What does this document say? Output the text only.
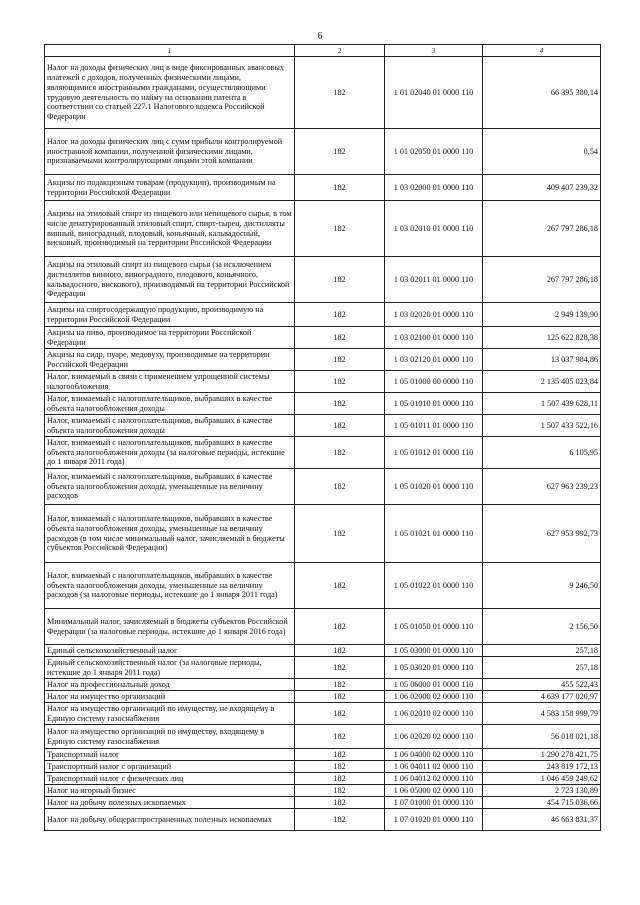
6
1	2	3	4
Налог на доходы физических лиц в виде фиксированных авансовых платежей с доходов, полученных физическими лицами, являющимися иностранными гражданами, осуществляющими трудовую деятельность по найму на основании патента в соответствии со статьей 227.1 Налогового кодекса Российской Федерации	182	1 01 02040 01 0000 110	66 395 380,14
Налог на доходы физических лиц с сумм прибыли контролируемой иностранной компании, полученной физическими лицами, признаваемыми контролирующими лицами этой компании	182	1 01 02050 01 0000 110	0,54
Акцизы по подакцизным товарам (продукции), производимым на территории Российской Федерации	182	1 03 02000 01 0000 110	409 407 239,32
Акцизы на этиловый спирт из пищевого или непищевого сырья, в том числе денатурированный этиловый спирт, спирт-сырец, дистилляты винный, виноградный, плодовый, коньячный, кальвадосный, висковый, производимый на территории Российской Федерации	182	1 03 02010 01 0000 110	267 797 286,18
Акцизы на этиловый спирт из пищевого сырья (за исключением дистиллятов винного, виноградного, плодового, коньячного, кальвадосного, вискового), производимый на территории Российской Федерации	182	1 03 02011 01 0000 110	267 797 286,18
Акцизы на спиртосодержащую продукцию, производимую на территории Российской Федерации	182	1 03 02020 01 0000 110	2 949 139,90
Акцизы на пиво, производимое на территории Российской Федерации	182	1 03 02100 01 0000 110	125 622 828,38
Акцизы на сидр, пуаре, медовуху, производимые на территории Российской Федерации	182	1 03 02120 01 0000 110	13 037 984,86
Налог, взимаемый в связи с применением упрощенной системы налогообложения	182	1 05 01000 00 0000 110	2 135 405 023,84
Налог, взимаемый с налогоплательщиков, выбравших в качестве объекта налогообложения доходы	182	1 05 01010 01 0000 110	1 507 439 628,11
Налог, взимаемый с налогоплательщиков, выбравших в качестве объекта налогообложения доходы	182	1 05 01011 01 0000 110	1 507 433 522,16
Налог, взимаемый с налогоплательщиков, выбравших в качестве объекта налогообложения доходы (за налоговые периоды, истекшие до 1 января 2011 года)	182	1 05 01012 01 0000 110	6 105,95
Налог, взимаемый с налогоплательщиков, выбравших в качестве объекта налогообложения доходы, уменьшенные на величину расходов	182	1 05 01020 01 0000 110	627 963 239,23
Налог, взимаемый с налогоплательщиков, выбравших в качестве объекта налогообложения доходы, уменьшенные на величину расходов (в том числе минимальный налог, зачисляемый в бюджеты субъектов Российской Федерации)	182	1 05 01021 01 0000 110	627 953 992,73
Налог, взимаемый с налогоплательщиков, выбравших в качестве объекта налогообложения доходы, уменьшенные на величину расходов (за налоговые периоды, истекшие до 1 января 2011 года)	182	1 05 01022 01 0000 110	9 246,50
Минимальный налог, зачисляемый в бюджеты субъектов Российской Федерации (за налоговые периоды, истекшие до 1 января 2016 года)	182	1 05 01050 01 0000 110	2 156,50
Единый сельскохозяйственный налог	182	1 05 03000 01 0000 110	257,18
Единый сельскохозяйственный налог (за налоговые периоды, истекшие до 1 января 2011 года)	182	1 05 03020 01 0000 110	257,18
Налог на профессиональный доход	182	1 05 06000 01 0000 110	455 522,43
Налог на имущество организаций	182	1 06 02000 02 0000 110	4 639 177 020,97
Налог на имущество организаций по имуществу, не входящему в Единую систему газоснабжения	182	1 06 02010 02 0000 110	4 583 158 999,79
Налог на имущество организаций по имуществу, входящему в Единую систему газоснабжения	182	1 06 02020 02 0000 110	56 018 021,18
Транспортный налог	182	1 06 04000 02 0000 110	1 290 278 421,75
Транспортный налог с организаций	182	1 06 04011 02 0000 110	243 819 172,13
Транспортный налог с физических лиц	182	1 06 04012 02 0000 110	1 046 459 249,62
Налог на игорный бизнес	182	1 06 05000 02 0000 110	2 723 130,89
Налог на добычу полезных ископаемых	182	1 07 01000 01 0000 110	454 715 036,66
Налог на добычу общераспространенных полезных ископаемых	182	1 07 01020 01 0000 110	46 663 831,37
